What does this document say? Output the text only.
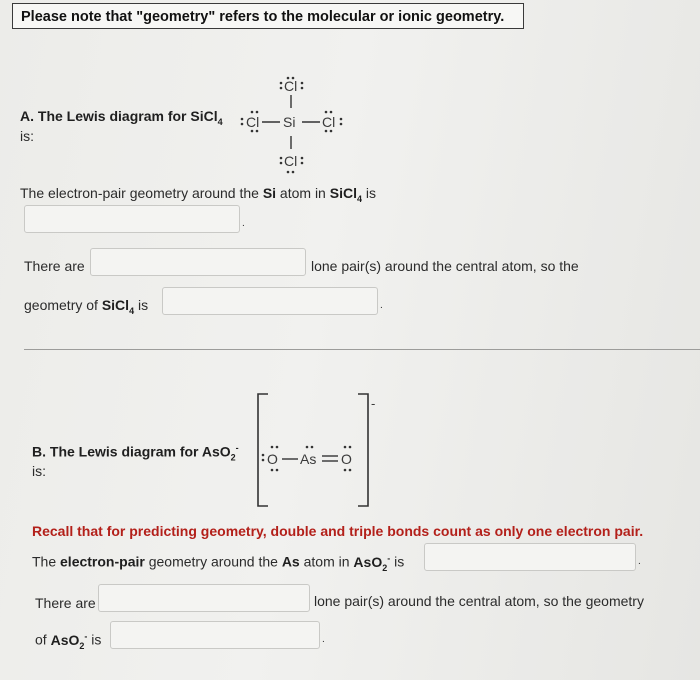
Please note that "geometry" refers to the molecular or ionic geometry.
A. The Lewis diagram for SiCl$_4$
is:
Cl
Cl Si Cl
Cl
The electron-pair geometry around the Si atom in SiCl$_4$ is
.
There are	lone pair(s) around the central atom, so the
geometry of SiCl$_4$ is	.
B. The Lewis diagram for AsO$_2$-
is:
-
O As O
Recall that for predicting geometry, double and triple bonds count as only one electron pair.
The electron-pair geometry around the As atom in AsO$_2$- is	.
There are	lone pair(s) around the central atom, so the geometry
of AsO$_2$- is	.
